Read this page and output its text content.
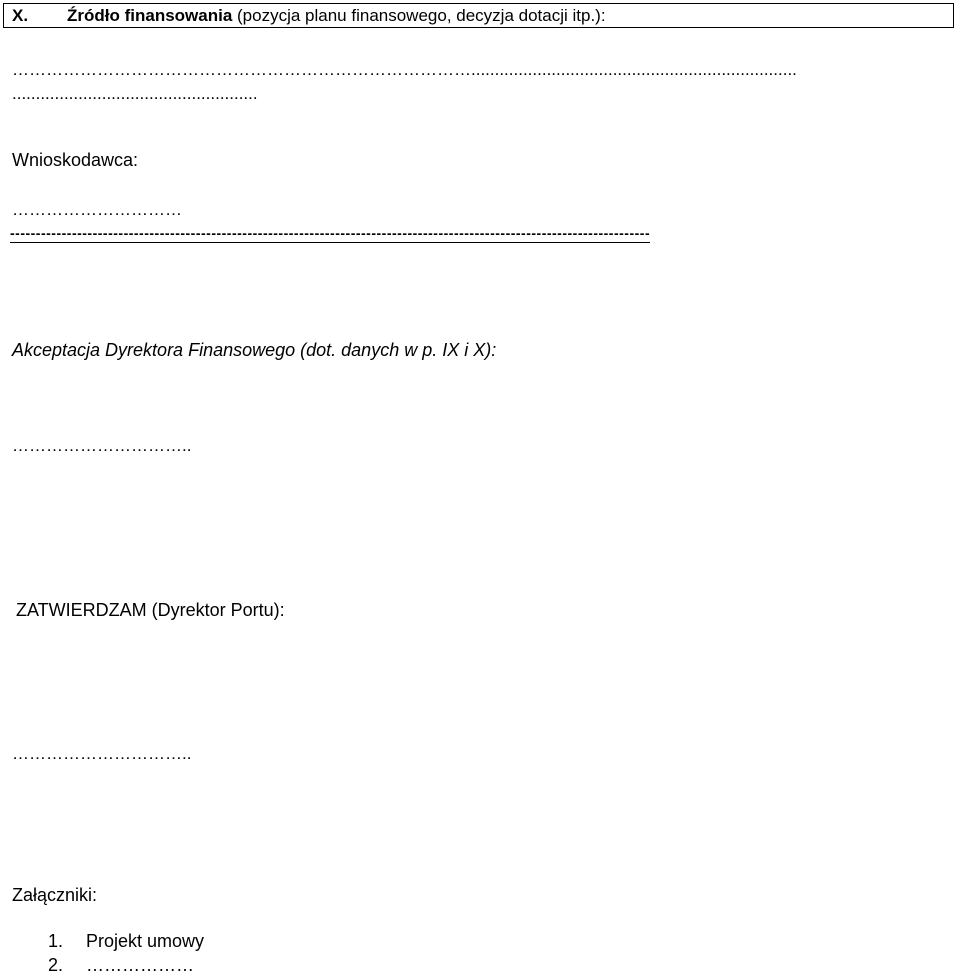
X. Źródło finansowania (pozycja planu finansowego, decyzja dotacji itp.):
……………………………………………………………………….....................................................................
....................................................
Wnioskodawca:
…………………………
----------------------------------------------------------------------------------------------------------------------------
Akceptacja Dyrektora Finansowego (dot. danych w p. IX i X):
…………………………..
ZATWIERDZAM (Dyrektor Portu):
…………………………..
Załączniki:
1. Projekt umowy
2. ………………
